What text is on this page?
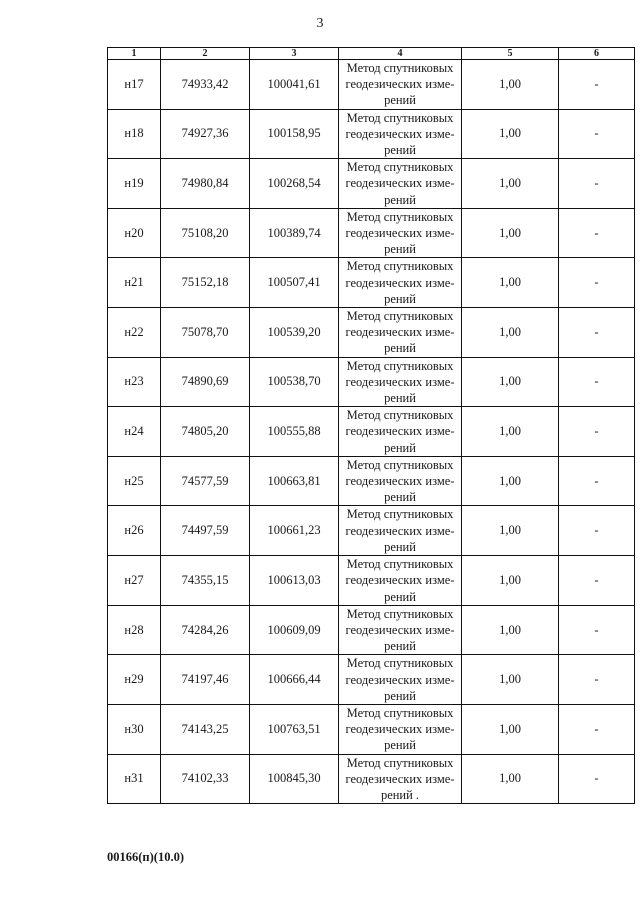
3
1	2	3	4	5	6
н17	74933,42	100041,61	Метод спутниковых
геодезических изме-
рений	1,00	-
н18	74927,36	100158,95	Метод спутниковых
геодезических изме-
рений	1,00	-
н19	74980,84	100268,54	Метод спутниковых
геодезических изме-
рений	1,00	-
н20	75108,20	100389,74	Метод спутниковых
геодезических изме-
рений	1,00	-
н21	75152,18	100507,41	Метод спутниковых
геодезических изме-
рений	1,00	-
н22	75078,70	100539,20	Метод спутниковых
геодезических изме-
рений	1,00	-
н23	74890,69	100538,70	Метод спутниковых
геодезических изме-
рений	1,00	-
н24	74805,20	100555,88	Метод спутниковых
геодезических изме-
рений	1,00	-
н25	74577,59	100663,81	Метод спутниковых
геодезических изме-
рений	1,00	-
н26	74497,59	100661,23	Метод спутниковых
геодезических изме-
рений	1,00	-
н27	74355,15	100613,03	Метод спутниковых
геодезических изме-
рений	1,00	-
н28	74284,26	100609,09	Метод спутниковых
геодезических изме-
рений	1,00	-
н29	74197,46	100666,44	Метод спутниковых
геодезических изме-
рений	1,00	-
н30	74143,25	100763,51	Метод спутниковых
геодезических изме-
рений	1,00	-
н31	74102,33	100845,30	Метод спутниковых
геодезических изме-
рений .	1,00	-
00166(п)(10.0)
